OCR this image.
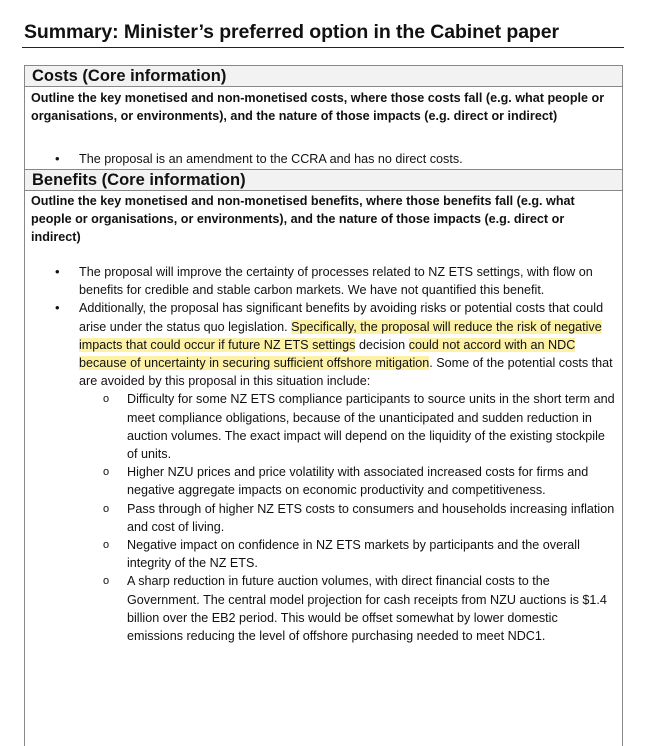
Summary: Minister’s preferred option in the Cabinet paper
Costs (Core information)
Outline the key monetised and non-monetised costs, where those costs fall (e.g. what people or organisations, or environments), and the nature of those impacts (e.g. direct or indirect)
• The proposal is an amendment to the CCRA and has no direct costs.
Benefits (Core information)
Outline the key monetised and non-monetised benefits, where those benefits fall (e.g. what people or organisations, or environments), and the nature of those impacts (e.g. direct or indirect)
• The proposal will improve the certainty of processes related to NZ ETS settings, with flow on benefits for credible and stable carbon markets. We have not quantified this benefit.
• Additionally, the proposal has significant benefits by avoiding risks or potential costs that could arise under the status quo legislation. Specifically, the proposal will reduce the risk of negative impacts that could occur if future NZ ETS settings decision could not accord with an NDC because of uncertainty in securing sufficient offshore mitigation. Some of the potential costs that are avoided by this proposal in this situation include:
o Difficulty for some NZ ETS compliance participants to source units in the short term and meet compliance obligations, because of the unanticipated and sudden reduction in auction volumes. The exact impact will depend on the liquidity of the existing stockpile of units.
o Higher NZU prices and price volatility with associated increased costs for firms and negative aggregate impacts on economic productivity and competitiveness.
o Pass through of higher NZ ETS costs to consumers and households increasing inflation and cost of living.
o Negative impact on confidence in NZ ETS markets by participants and the overall integrity of the NZ ETS.
o A sharp reduction in future auction volumes, with direct financial costs to the Government. The central model projection for cash receipts from NZU auctions is $1.4 billion over the EB2 period. This would be offset somewhat by lower domestic emissions reducing the level of offshore purchasing needed to meet NDC1.
